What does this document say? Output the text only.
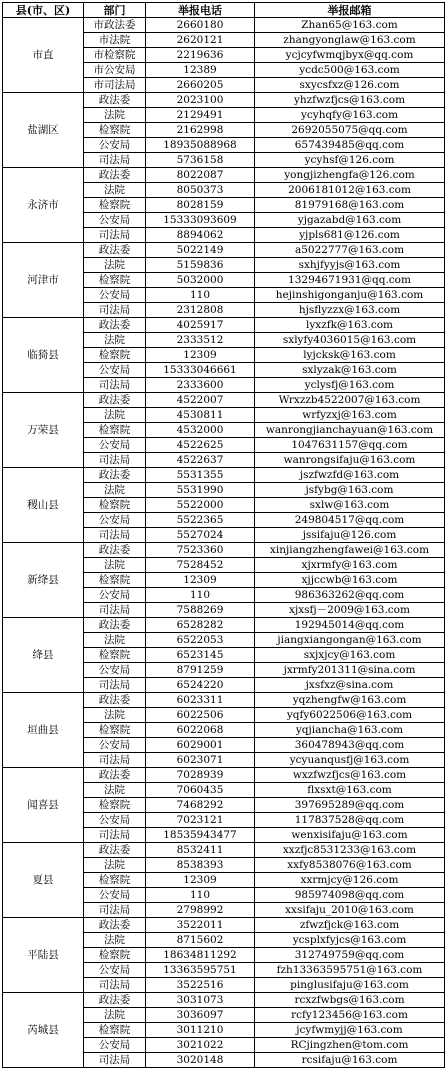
县(市、区)	部门	举报电话	举报邮箱
市直	市政法委	2660180	Zhan65@163.com
	市法院	2620121	zhangyonglaw@163.com
	市检察院	2219636	ycjcyfwmqjbyx@qq.com
	市公安局	12389	ycdc500@163.com
	市司法局	2660205	sxycsfxz@126.com
盐湖区	政法委	2023100	yhzfwzfjcs@163.com
	法院	2129491	ycyhqfy@163.com
	检察院	2162998	2692055075@qq.com
	公安局	18935088968	657439485@qq.com
	司法局	5736158	ycyhsf@126.com
永济市	政法委	8022087	yongjizhengfa@126.com
	法院	8050373	2006181012@163.com
	检察院	8028159	81979168@163.com
	公安局	15333093609	yjgazabd@163.com
	司法局	8894062	yjpls681@126.com
河津市	政法委	5022149	a5022777@163.com
	法院	5159836	sxhjfyyjs@163.com
	检察院	5032000	13294671931@qq.com
	公安局	110	hejinshigonganju@163.com
	司法局	2312808	hjsflyzzx@163.com
临猗县	政法委	4025917	lyxzfk@163.com
	法院	2333512	sxlyfy4036015@163.com
	检察院	12309	lyjcksk@163.com
	公安局	15333046661	sxlyzak@163.com
	司法局	2333600	yclysfj@163.com
万荣县	政法委	4522007	Wrxzzb4522007@163.com
	法院	4530811	wrfyzxj@163.com
	检察院	4532000	wanrongjianchayuan@163.com
	公安局	4522625	1047631157@qq.com
	司法局	4522637	wanrongsifaju@163.com
稷山县	政法委	5531355	jszfwzfd@163.com
	法院	5531990	jsfybg@163.com
	检察院	5522000	sxlw@163.com
	公安局	5522365	249804517@qq.com
	司法局	5527024	jssifaju@126.com
新绛县	政法委	7523360	xinjiangzhengfawei@163.com
	法院	7528452	xjxrmfy@163.com
	检察院	12309	xjjccwb@163.com
	公安局	110	986363262@qq.com
	司法局	7588269	xjxsfj－2009@163.com
绛县	政法委	6528282	192945014@qq.com
	法院	6522053	jiangxiangongan@163.com
	检察院	6523145	sxjxjcy@163.com
	公安局	8791259	jxrmfy201311@sina.com
	司法局	6524220	jxsfxz@sina.com
垣曲县	政法委	6023311	yqzhengfw@163.com
	法院	6022506	yqfy6022506@163.com
	检察院	6022068	yqjiancha@163.com
	公安局	6029001	360478943@qq.com
	司法局	6023071	ycyuanqusfj@163.com
闻喜县	政法委	7028939	wxzfwzfjcs@163.com
	法院	7060435	flxsxt@163.com
	检察院	7468292	397695289@qq.com
	公安局	7023121	117837528@qq.com
	司法局	18535943477	wenxisifaju@163.com
夏县	政法委	8532411	xxzfjc8531233@163.com
	法院	8538393	xxfy8538076@163.com
	检察院	12309	xxrmjcy@126.com
	公安局	110	985974098@qq.com
	司法局	2798992	xxsifaju_2010@163.com
平陆县	政法委	3522011	zfwzfjck@163.com
	法院	8715602	ycsplxfyjcs@163.com
	检察院	18634811292	312749759@qq.com
	公安局	13363595751	fzh13363595751@163.com
	司法局	3522516	pinglusifaju@163.com
芮城县	政法委	3031073	rcxzfwbgs@163.com
	法院	3036097	rcfy123456@163.com
	检察院	3011210	jcyfwmyjj@163.com
	公安局	3021022	RCjingzhen@tom.com
	司法局	3020148	rcsifaju@163.com
